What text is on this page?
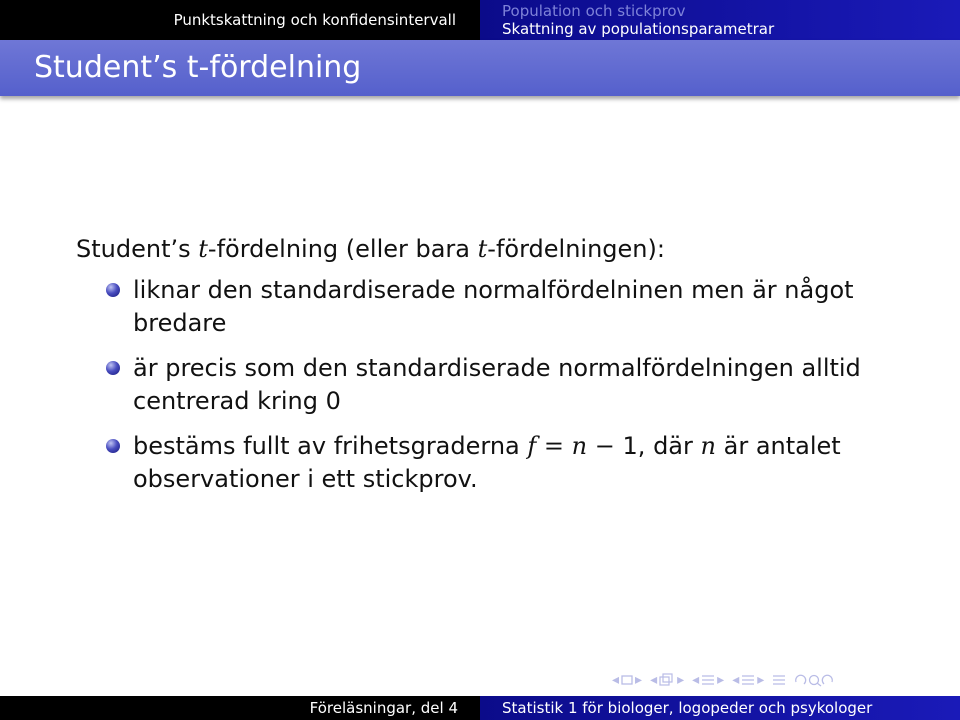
Punktskattning och konfidensintervall	Population och stickprov
Skattning av populationsparametrar
Student’s t-fördelning

Student’s t-fördelning (eller bara t-fördelningen):

liknar den standardiserade normalfördelninen men är något bredare
är precis som den standardiserade normalfördelningen alltid centrerad kring 0
bestäms fullt av frihetsgraderna f = n − 1, där n är antalet observationer i ett stickprov.
◂ ▸ ◂ ▸ ◂ ▸ ◂ ▸
Föreläsningar, del 4	Statistik 1 för biologer, logopeder och psykologer
